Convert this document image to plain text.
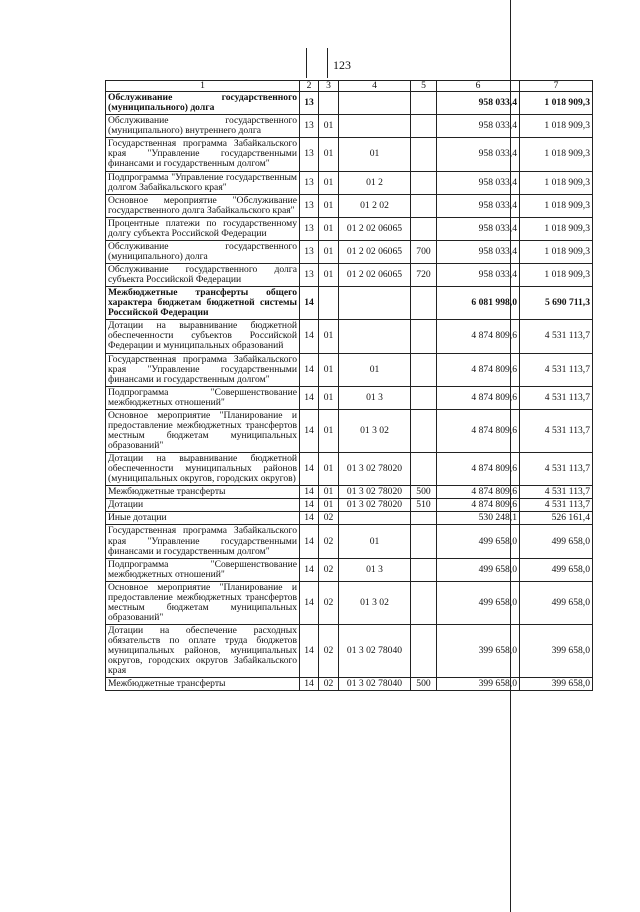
123
1	2	3	4	5	6	7
Обслуживание государственного (муниципального) долга	13				958 033,4	1 018 909,3
Обслуживание государственного (муниципального) внутреннего долга	13	01			958 033,4	1 018 909,3
Государственная программа Забайкальского края "Управление государственными финансами и государственным долгом"	13	01	01		958 033,4	1 018 909,3
Подпрограмма "Управление государственным долгом Забайкальского края"	13	01	01 2		958 033,4	1 018 909,3
Основное мероприятие "Обслуживание государственного долга Забайкальского края"	13	01	01 2 02		958 033,4	1 018 909,3
Процентные платежи по государственному долгу субъекта Российской Федерации	13	01	01 2 02 06065		958 033,4	1 018 909,3
Обслуживание государственного (муниципального) долга	13	01	01 2 02 06065	700	958 033,4	1 018 909,3
Обслуживание государственного долга субъекта Российской Федерации	13	01	01 2 02 06065	720	958 033,4	1 018 909,3
Межбюджетные трансферты общего характера бюджетам бюджетной системы Российской Федерации	14				6 081 998,0	5 690 711,3
Дотации на выравнивание бюджетной обеспеченности субъектов Российской Федерации и муниципальных образований	14	01			4 874 809,6	4 531 113,7
Государственная программа Забайкальского края "Управление государственными финансами и государственным долгом"	14	01	01		4 874 809,6	4 531 113,7
Подпрограмма "Совершенствование межбюджетных отношений"	14	01	01 3		4 874 809,6	4 531 113,7
Основное мероприятие "Планирование и предоставление межбюджетных трансфертов местным бюджетам муниципальных образований"	14	01	01 3 02		4 874 809,6	4 531 113,7
Дотации на выравнивание бюджетной обеспеченности муниципальных районов (муниципальных округов, городских округов)	14	01	01 3 02 78020		4 874 809,6	4 531 113,7
Межбюджетные трансферты	14	01	01 3 02 78020	500	4 874 809,6	4 531 113,7
Дотации	14	01	01 3 02 78020	510	4 874 809,6	4 531 113,7
Иные дотации	14	02			530 248,1	526 161,4
Государственная программа Забайкальского края "Управление государственными финансами и государственным долгом"	14	02	01		499 658,0	499 658,0
Подпрограмма "Совершенствование межбюджетных отношений"	14	02	01 3		499 658,0	499 658,0
Основное мероприятие "Планирование и предоставление межбюджетных трансфертов местным бюджетам муниципальных образований"	14	02	01 3 02		499 658,0	499 658,0
Дотации на обеспечение расходных обязательств по оплате труда бюджетов муниципальных районов, муниципальных округов, городских округов Забайкальского края	14	02	01 3 02 78040		399 658,0	399 658,0
Межбюджетные трансферты	14	02	01 3 02 78040	500	399 658,0	399 658,0
